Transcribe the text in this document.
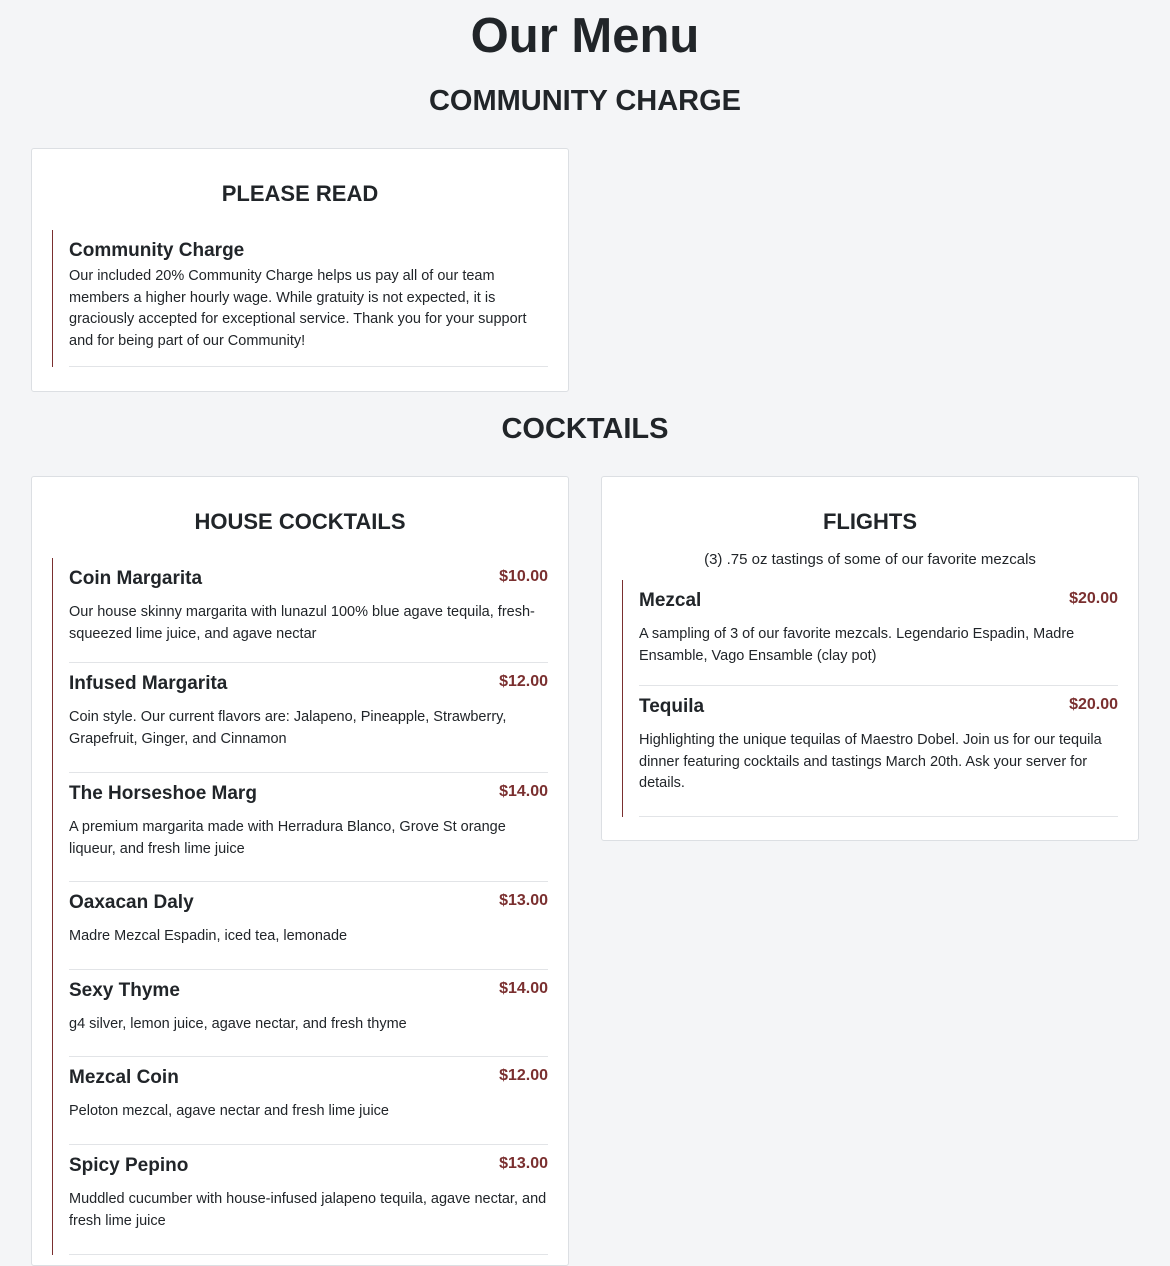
Our Menu
COMMUNITY CHARGE
PLEASE READ
Community Charge
Our included 20% Community Charge helps us pay all of our team members a higher hourly wage. While gratuity is not expected, it is graciously accepted for exceptional service. Thank you for your support and for being part of our Community!
COCKTAILS
HOUSE COCKTAILS
Coin Margarita	$10.00
Our house skinny margarita with lunazul 100% blue agave tequila, fresh-squeezed lime juice, and agave nectar
Infused Margarita	$12.00
Coin style. Our current flavors are: Jalapeno, Pineapple, Strawberry, Grapefruit, Ginger, and Cinnamon
The Horseshoe Marg	$14.00
A premium margarita made with Herradura Blanco, Grove St orange liqueur, and fresh lime juice
Oaxacan Daly	$13.00
Madre Mezcal Espadin, iced tea, lemonade
Sexy Thyme	$14.00
g4 silver, lemon juice, agave nectar, and fresh thyme
Mezcal Coin	$12.00
Peloton mezcal, agave nectar and fresh lime juice
Spicy Pepino	$13.00
Muddled cucumber with house-infused jalapeno tequila, agave nectar, and fresh lime juice
FLIGHTS
(3) .75 oz tastings of some of our favorite mezcals
Mezcal	$20.00
A sampling of 3 of our favorite mezcals. Legendario Espadin, Madre Ensamble, Vago Ensamble (clay pot)
Tequila	$20.00
Highlighting the unique tequilas of Maestro Dobel. Join us for our tequila dinner featuring cocktails and tastings March 20th. Ask your server for details.
